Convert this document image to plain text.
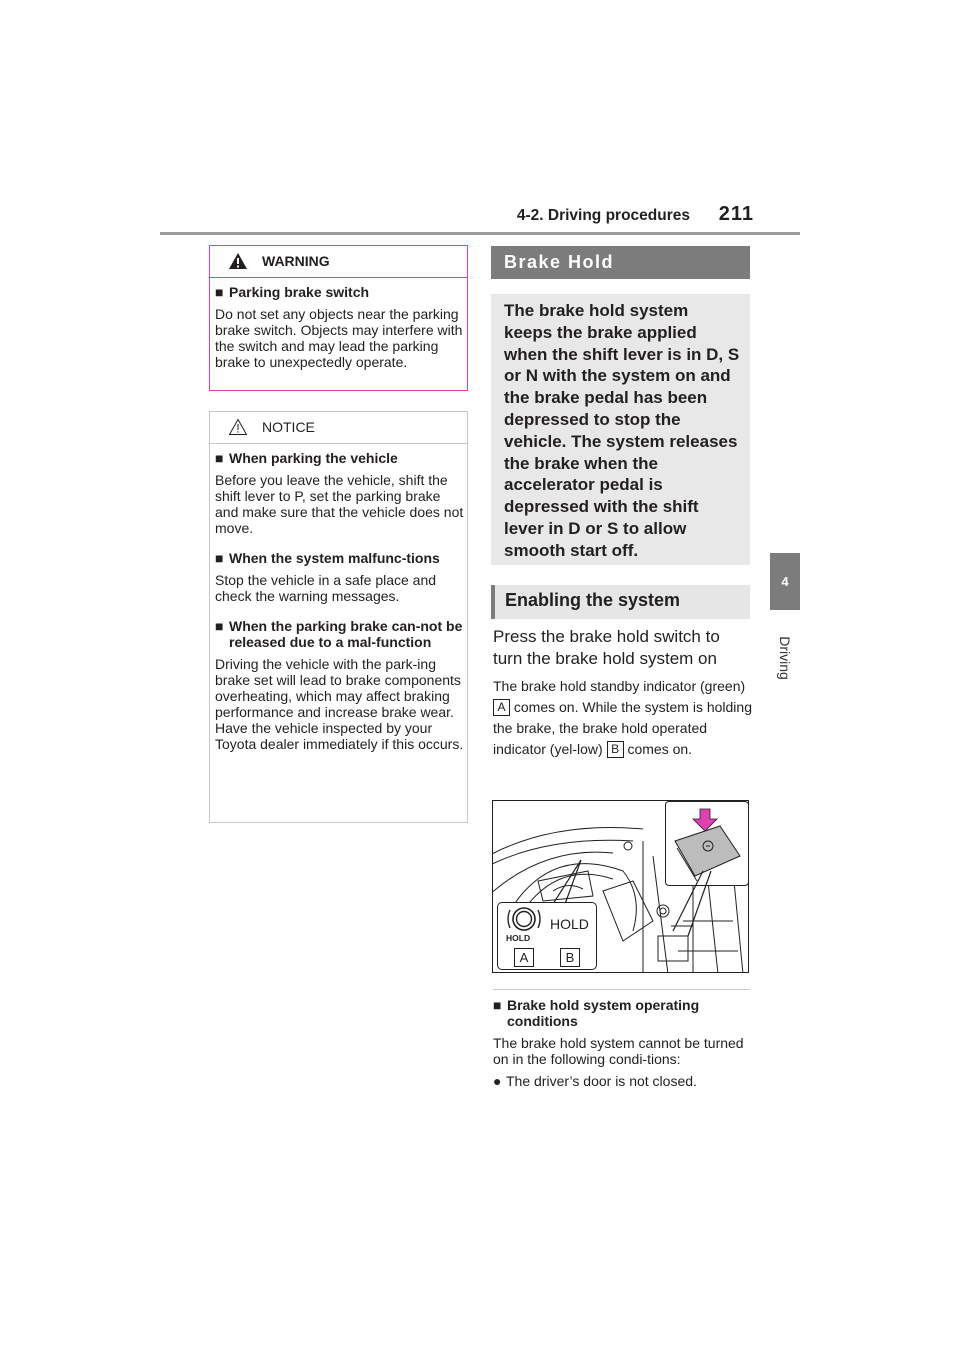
4-2. Driving procedures	211
4
Driving
WARNING
■ Parking brake switch
Do not set any objects near the parking brake switch. Objects may interfere with the switch and may lead the parking brake to unexpectedly operate.
NOTICE
■ When parking the vehicle
Before you leave the vehicle, shift the shift lever to P, set the parking brake and make sure that the vehicle does not move.
■ When the system malfunc-tions
Stop the vehicle in a safe place and check the warning messages.
■ When the parking brake can-not be released due to a mal-function
Driving the vehicle with the park-ing brake set will lead to brake components overheating, which may affect braking performance and increase brake wear. Have the vehicle inspected by your Toyota dealer immediately if this occurs.
Brake Hold
The brake hold system keeps the brake applied when the shift lever is in D, S or N with the system on and the brake pedal has been depressed to stop the vehicle. The system releases the brake when the accelerator pedal is depressed with the shift lever in D or S to allow smooth start off.
Enabling the system
Press the brake hold switch to turn the brake hold system on
The brake hold standby indicator (green) A comes on. While the system is holding the brake, the brake hold operated indicator (yel-low) B comes on.
HOLD
HOLD
A	B
■ Brake hold system operating conditions
The brake hold system cannot be turned on in the following condi-tions:
● The driver’s door is not closed.
